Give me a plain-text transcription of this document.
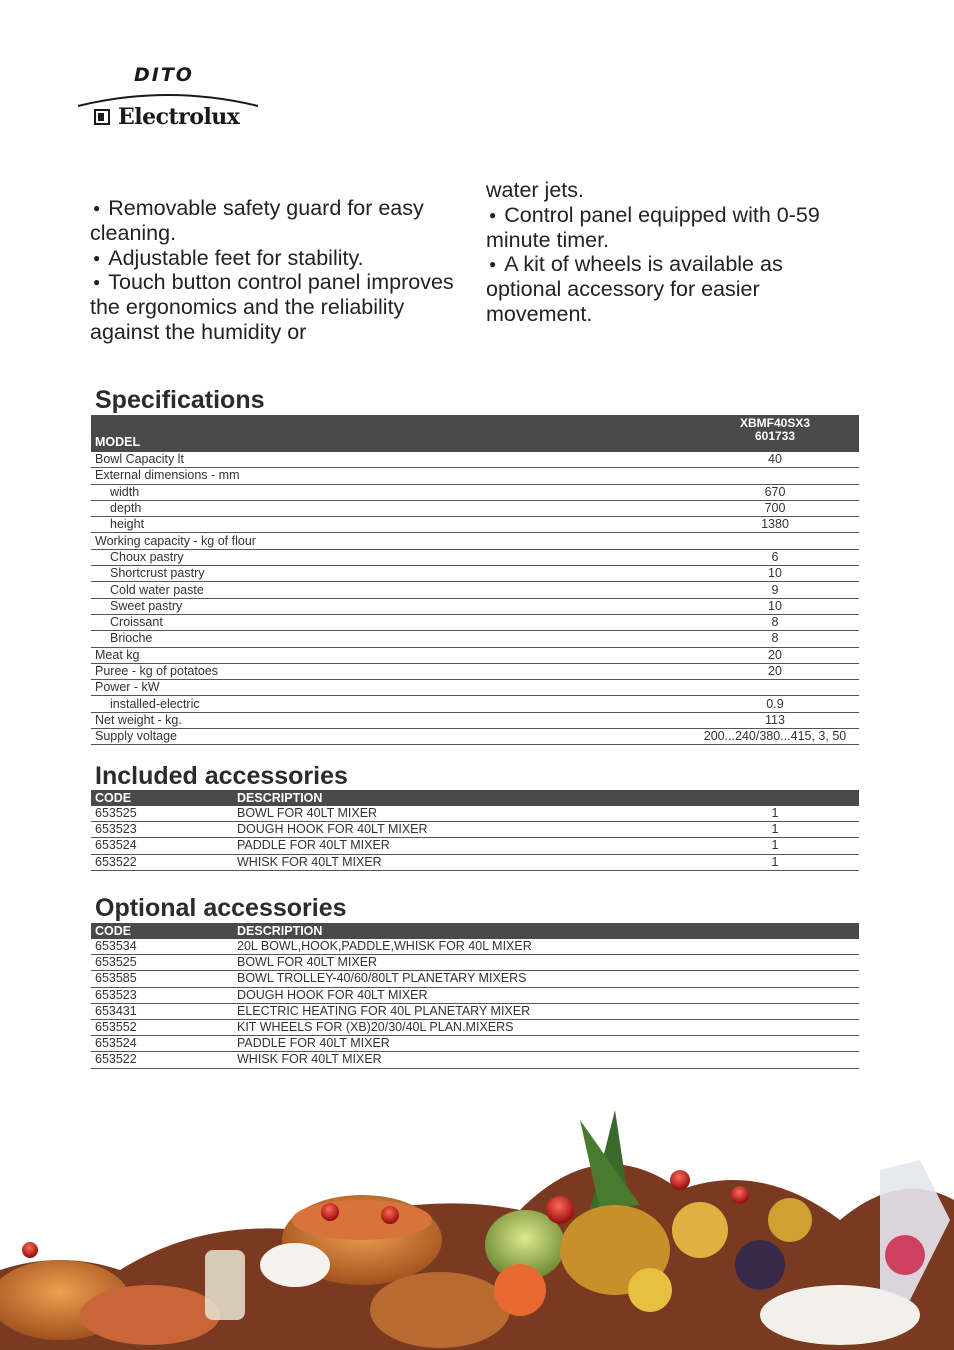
DITO
Electrolux

● Removable safety guard for easy cleaning.

● Adjustable feet for stability.

● Touch button control panel improves the ergonomics and the reliability against the humidity or

water jets.

● Control panel equipped with 0-59 minute timer.

● A kit of wheels is available as optional accessory for easier movement.

Specifications
MODEL	XBMF40SX3
601733
Bowl Capacity lt	40
External dimensions - mm	
width	670
depth	700
height	1380
Working capacity - kg of flour	
Choux pastry	6
Shortcrust pastry	10
Cold water paste	9
Sweet pastry	10
Croissant	8
Brioche	8
Meat kg	20
Puree - kg of potatoes	20
Power - kW	
installed-electric	0.9
Net weight - kg.	113
Supply voltage	200...240/380...415, 3, 50
Included accessories
CODE	DESCRIPTION	
653525	BOWL FOR 40LT MIXER	1
653523	DOUGH HOOK FOR 40LT MIXER	1
653524	PADDLE FOR 40LT MIXER	1
653522	WHISK FOR 40LT MIXER	1
Optional accessories
CODE	DESCRIPTION
653534	20L BOWL,HOOK,PADDLE,WHISK FOR 40L MIXER
653525	BOWL FOR 40LT MIXER
653585	BOWL TROLLEY-40/60/80LT PLANETARY MIXERS
653523	DOUGH HOOK FOR 40LT MIXER
653431	ELECTRIC HEATING FOR 40L PLANETARY MIXER
653552	KIT WHEELS FOR (XB)20/30/40L PLAN.MIXERS
653524	PADDLE FOR 40LT MIXER
653522	WHISK FOR 40LT MIXER
